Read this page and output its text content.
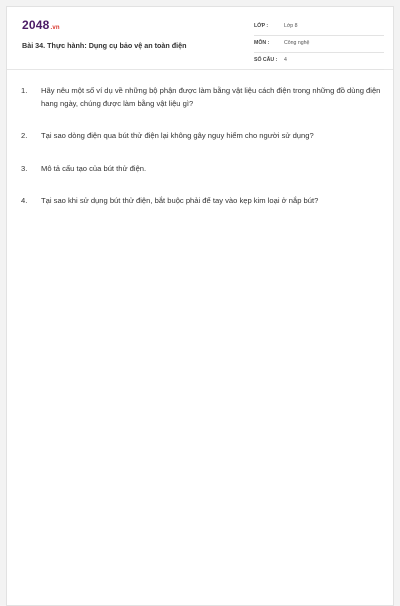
2048.vn
Bài 34. Thực hành: Dụng cụ bảo vệ an toàn điện
LỚP :	Lớp 8
MÔN :	Công nghệ
SỐ CÂU : 4
1. Hãy nêu một số ví dụ về những bộ phận được làm bằng vật liệu cách điện trong những đồ dùng điện hang ngày, chúng được làm bằng vật liệu gì?
2. Tại sao dòng điện qua bút thử điện lại không gây nguy hiểm cho người sử dụng?
3. Mô tả cấu tạo của bút thử điện.
4. Tại sao khi sử dụng bút thử điện, bắt buộc phải để tay vào kẹp kim loại ở nắp bút?
